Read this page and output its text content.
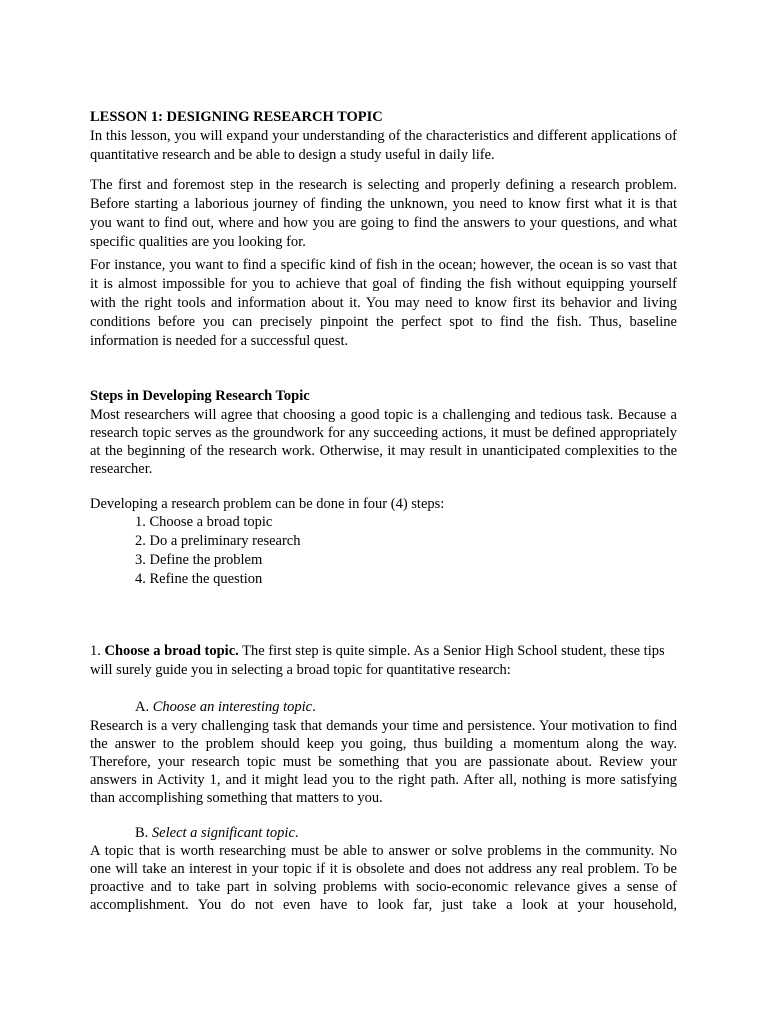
LESSON 1: DESIGNING RESEARCH TOPIC

In this lesson, you will expand your understanding of the characteristics and different applications of quantitative research and be able to design a study useful in daily life.

The first and foremost step in the research is selecting and properly defining a research problem. Before starting a laborious journey of finding the unknown, you need to know first what it is that you want to find out, where and how you are going to find the answers to your questions, and what specific qualities are you looking for.

For instance, you want to find a specific kind of fish in the ocean; however, the ocean is so vast that it is almost impossible for you to achieve that goal of finding the fish without equipping yourself with the right tools and information about it. You may need to know first its behavior and living conditions before you can precisely pinpoint the perfect spot to find the fish. Thus, baseline information is needed for a successful quest.

Steps in Developing Research Topic

Most researchers will agree that choosing a good topic is a challenging and tedious task. Because a research topic serves as the groundwork for any succeeding actions, it must be defined appropriately at the beginning of the research work. Otherwise, it may result in unanticipated complexities to the researcher.

Developing a research problem can be done in four (4) steps:

1. Choose a broad topic

2. Do a preliminary research

3. Define the problem

4. Refine the question

1. Choose a broad topic. The first step is quite simple. As a Senior High School student, these tips will surely guide you in selecting a broad topic for quantitative research:

A. Choose an interesting topic.

Research is a very challenging task that demands your time and persistence. Your motivation to find the answer to the problem should keep you going, thus building a momentum along the way. Therefore, your research topic must be something that you are passionate about. Review your answers in Activity 1, and it might lead you to the right path. After all, nothing is more satisfying than accomplishing something that matters to you.

B. Select a significant topic.

A topic that is worth researching must be able to answer or solve problems in the community. No one will take an interest in your topic if it is obsolete and does not address any real problem. To be proactive and to take part in solving problems with socio-economic relevance gives a sense of accomplishment. You do not even have to look far, just take a look at your household,
